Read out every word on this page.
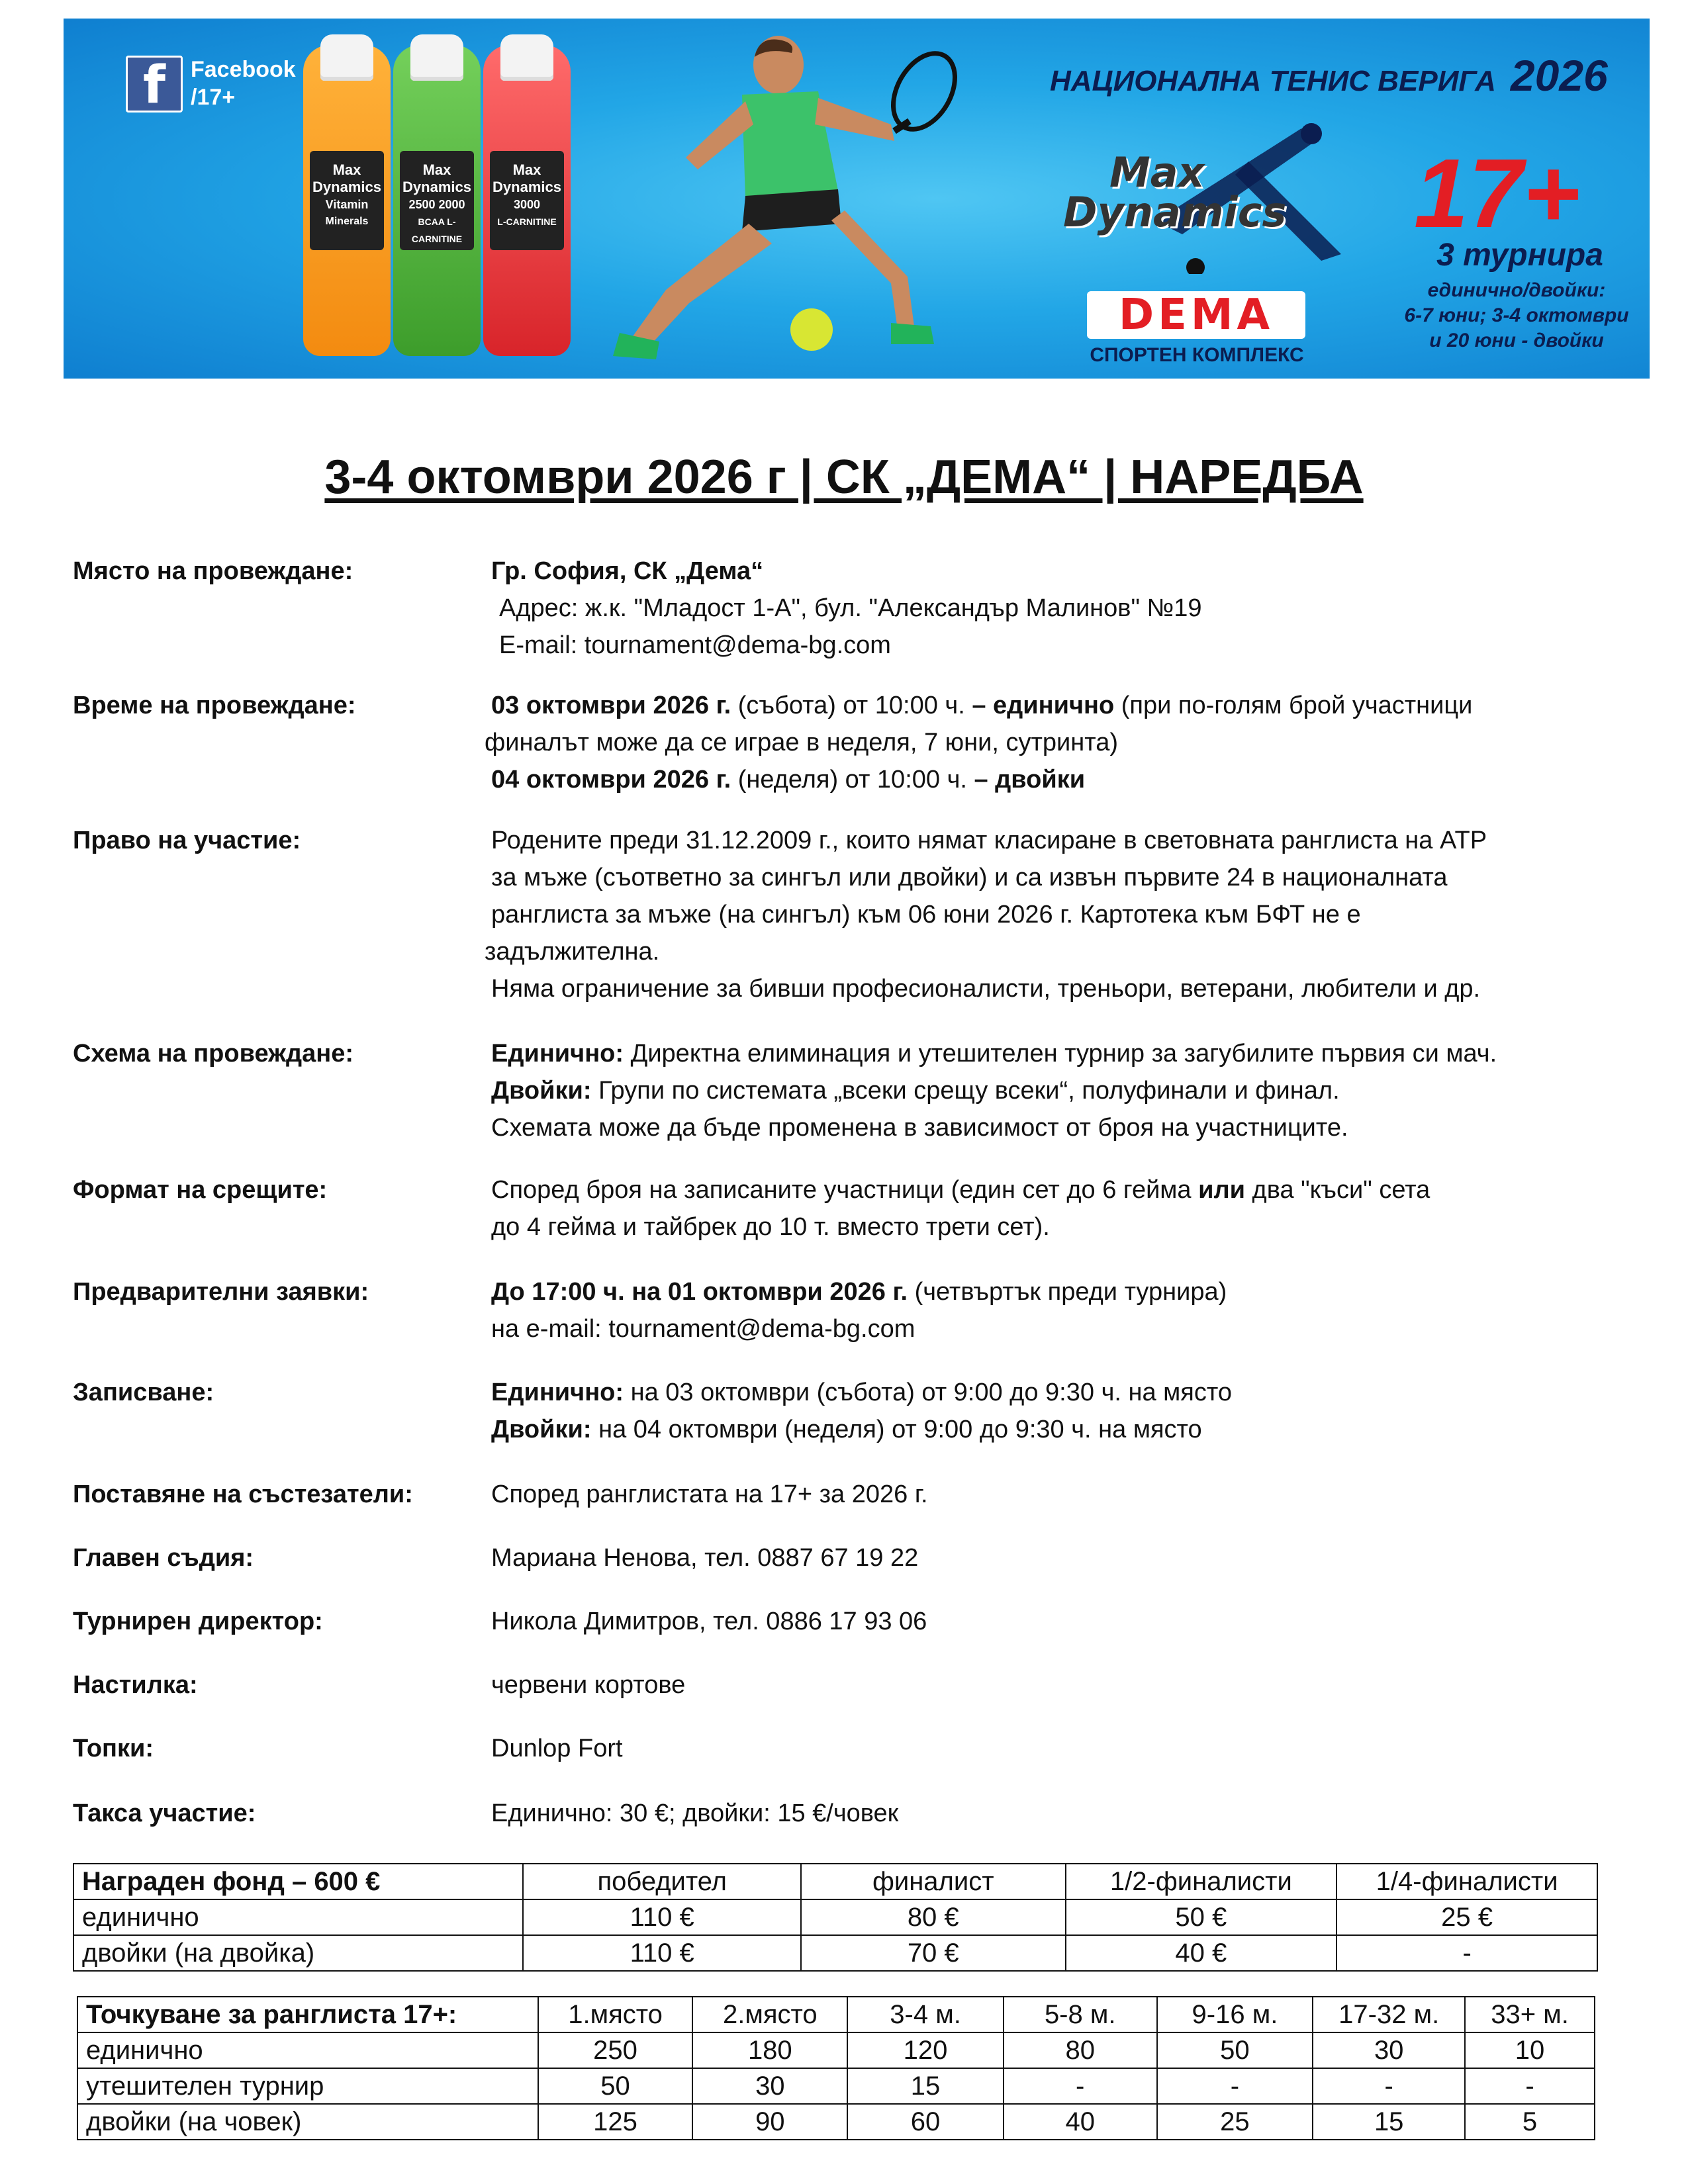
f	Facebook
/17+
Max Dynamics
Vitamin
Minerals
Max Dynamics
2500 2000
BCAA L-CARNITINE
Max Dynamics
3000
L-CARNITINE
НАЦИОНАЛНА ТЕНИС ВЕРИГА 2026
Max
Dynamics
DEMA
СПОРТЕН КОМПЛЕКС
17+
3 турнира
единично/двойки:
6-7 юни; 3-4 октомври
и 20 юни - двойки
3-4 октомври 2026 г | СК „ДЕМА“ | НАРЕДБА
Място на провеждане:	Гр. София, СК „Дема“
Адрес: ж.к. "Младост 1-А", бул. "Александър Малинов" №19
E-mail: tournament@dema-bg.com
Време на провеждане:	03 октомври 2026 г. (събота) от 10:00 ч. – единично (при по-голям брой участници
финалът може да се играе в неделя, 7 юни, сутринта)
04 октомври 2026 г. (неделя) от 10:00 ч. – двойки
Право на участие:	Родените преди 31.12.2009 г., които нямат класиране в световната ранглиста на ATP
за мъже (съответно за сингъл или двойки) и са извън първите 24 в националната
ранглиста за мъже (на сингъл) към 06 юни 2026 г. Картотека към БФТ не е
задължителна.
Няма ограничение за бивши професионалисти, треньори, ветерани, любители и др.
Схема на провеждане:	Единично: Директна елиминация и утешителен турнир за загубилите първия си мач.
Двойки: Групи по системата „всеки срещу всеки“, полуфинали и финал.
Схемата може да бъде променена в зависимост от броя на участниците.
Формат на срещите:	Според броя на записаните участници (един сет до 6 гейма или два "къси" сета
до 4 гейма и тайбрек до 10 т. вместо трети сет).
Предварителни заявки:	До 17:00 ч. на 01 октомври 2026 г. (четвъртък преди турнира)
на e-mail: tournament@dema-bg.com
Записване:	Единично: на 03 октомври (събота) от 9:00 до 9:30 ч. на място
Двойки: на 04 октомври (неделя) от 9:00 до 9:30 ч. на място
Поставяне на състезатели:	Според ранглистата на 17+ за 2026 г.
Главен съдия:	Мариана Ненова, тел. 0887 67 19 22
Турнирен директор:	Никола Димитров, тел. 0886 17 93 06
Настилка:	червени кортове
Топки:	Dunlop Fort
Такса участие:	Единично: 30 €; двойки: 15 €/човек
Награден фонд – 600 €	победител	финалист	1/2-финалисти	1/4-финалисти
единично	110 €	80 €	50 €	25 €
двойки (на двойка)	110 €	70 €	40 €	-
Точкуване за ранглиста 17+:	1.място	2.място	3-4 м.	5-8 м.	9-16 м.	17-32 м.	33+ м.
единично	250	180	120	80	50	30	10
утешителен турнир	50	30	15	-	-	-	-
двойки (на човек)	125	90	60	40	25	15	5
